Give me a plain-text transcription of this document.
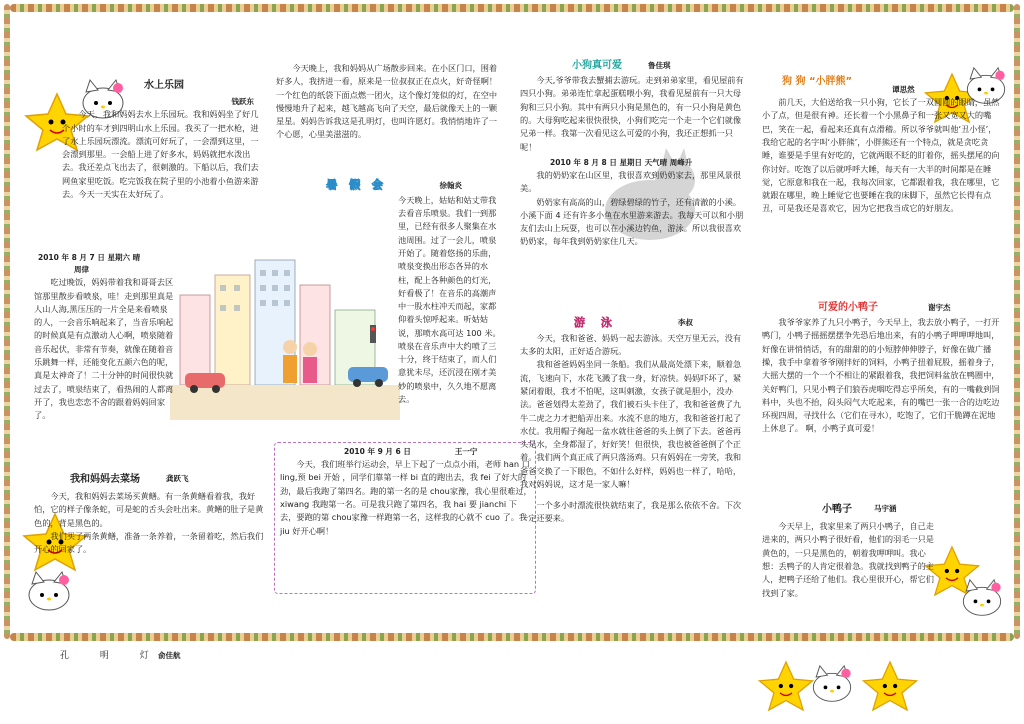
水上乐园
钱跃东

今天，我和妈妈去水上乐园玩。我和妈妈坐了好几个小时的车才到四明山水上乐园。我买了一把水枪，进了水上乐园玩漂流。漂流可好玩了，一会漂到这里，一会漂到那里。一会船上进了好多水，妈妈就把水泼出去。我还差点飞出去了，很刺激的。下船以后，我们去网鱼家里吃饭。吃完饭我在院子里的小池着小鱼游来游去。今天一天实在太好玩了。

2010 年 8 月 7 日 星期六 晴
周律

吃过晚饭，妈妈带着我和哥哥去区馆那里散步看喷泉，哇！走到那里真是人山人海,黑压压的一片全是来看喷泉的人，一会音乐响起来了，当音乐响起的时候真是有点激动人心啊，喷泉随着音乐起伏，非常有节奏，就像在随着音乐跳舞一样，还能变化五颜六色的呢，真是太神奇了！二十分钟的时间很快就过去了，喷泉结束了，看热闹的人都离开了，我也恋恋不舍的跟着妈妈回家了。

我和妈妈去菜场	龚跃飞

今天，我和妈妈去菜场买黄鳝。有一条黄鳝看着我，我好怕，它的样子像条蛇，可是蛇的舌头会吐出来。黄鳝的肚子是黄色的，背是黑色的。

我们买了两条黄鳝，准备一条养着，一条留着吃，然后我们开心的回家了。

今天晚上，我和妈妈从广场散步回来。在小区门口，围着好多人，我挤进一看，原来是一位叔叔正在点火，好奇怪啊！一个红色的纸袋下面点燃一团火，这个像灯笼似的灯，在空中慢慢地升了起来，越飞越高飞向了天空，最后就像天上的一颗星星。妈妈告诉我这是孔明灯，也叫许愿灯。我悄悄地许了一个心愿，心里美滋滋的。

暑 假 会	徐翰炎

今天晚上，姑姑和姑丈带我去看音乐喷泉。我们一到那里，已经有很多人聚集在水池周围。过了一会儿，喷泉开始了。随着悠扬的乐曲，喷泉变换出形态各异的水柱，配上各种颜色的灯光，好看极了！在音乐的高潮声中一股水柱冲天而起，家都仰着头惊呼起来。听姑姑说，那喷水高可达 100 米。喷泉在音乐声中大约喷了三十分，终于结束了，而人们意犹未尽，还沉浸在刚才美妙的喷泉中，久久地不愿离去。

2010 年 9 月 6 日	王一宁

今天，我们班举行运动会，早上下起了一点点小雨，老师 han 口 ling,预 bei 开始 ，同学们靠第一样 bi 直的跑出去，我 fei 了好大的劲，最后我跑了第四名。跑的第一名的是 chou家豫，我心里很难过，xiwang 我跑第一名。可是我只跑了第四名，我 hai 要 jianchi 下去，要跑的第 chou家豫一样跑第一名，这样我的心就不 cuo 了。我 jiu 好开心啊！

小狗真可爱	鲁佳琪

今天,爷爷带我去蟹捕去游玩。走到弟弟家里，看见屋前有四只小狗。弟弟连忙拿起蛋糕喂小狗，我看见屋前有一只大母狗和三只小狗。其中有两只小狗是黑色的，有一只小狗是黄色的。大母狗吃起来很快很快，小狗们吃完一个走一个它们就像兄弟一样。我第一次看见这么可爱的小狗，我还正想抓一只呢！

2010 年 8 月 8 日 星期日 天气晴 周峰升

我的奶奶家在山区里，我很喜欢到奶奶家去，那里风景很美。

奶奶家有高高的山，碧绿碧绿的竹子，还有清澈的小溪。小溪下面 4 还有许多小鱼在水里游来游去。我每天可以和小朋友们去山上玩耍，也可以在小溪边钓鱼，游泳。所以我很喜欢奶奶家，每年我到奶奶家住几天。

游 泳	李叔

今天，我和爸爸、妈妈一起去游泳。天空万里无云，没有太多的太阳，正好适合游玩。

我和爸爸妈妈坐同一条船。我们从最高处漂下来，顺着急流，飞速向下，水花飞溅了我一身，好凉快。妈妈吓坏了，紧紧闭着眼，我才不怕呢，这叫刺激，女孩子就是胆小，没办法。爸爸划得太差劲了，我们被石头卡住了，我和爸爸费了九牛二虎之力才把船弄出来。水流不息的地方，我和爸爸打起了水仗。我用帽子掬起一盆水就往爸爸的头上倒了下去。爸爸再头是水，全身都湿了，好好笑！但很快，我也被爸爸倒了个正着。我们两个真正成了两只落汤鸡。只有妈妈在一旁笑，我和爸爸交换了一下眼色，不如什么好样，妈妈也一样了，哈哈，我对妈妈说，这才是一家人嘛！

一个多小时漂流很快就结束了，我是那么依依不舍。下次一定还要来。

狗 狗 “小胖熊”
谭思然

前几天，大伯送给我一只小狗，它长了一双圆圆的眼睛，虽然小了点，但是很有神。还长着一个小黑鼻子和一张又宽又大的嘴巴，笑在一起，看起来还真有点滑稽。所以爷爷就叫他‘丑小怪’，我给它起的名字叫‘小胖熊’，小胖熊还有一个特点，就是贪吃贪睡，谁要是手里有好吃的，它就两眼不眨的盯着你，摇头摆尾的向你讨好。吃饱了以后就呼呼大睡，每天有一大半的时间都是在睡觉，它原意和我在一起，我每次回家，它都跟着我，我在哪里，它就跟在哪里，晚上睡觉它也要睡在我的床脚下，虽然它长得有点丑，可是我还是喜欢它，因为它把我当成它的好朋友。

可爱的小鸭子	谢宇杰

我爷爷家养了九只小鸭子，今天早上，我去放小鸭子，一打开鸭门，小鸭子摇摇摆摆争先恐后地出来，有的小鸭子呷呷呷地叫，好像在讲悄悄话，有的甜甜的的小短脖伸伸脖子，好像在做广播操，我手中拿着爷爷刚拌好的饲料，小鸭子扭着屁股，摇着身子，大摇大摆的一个一个不相让的紧跟着我，我把饲料盆放在鸭圈中，关好鸭门，只见小鸭子们狼吞虎咽吃得忘乎所矣，有的一嘴截到饲料中，头也不抬，闷头闷气大吃起来，有的嘴巴一张一合的边吃边环视四周，寻找什么（它们在寻水），吃饱了，它们干脆蹲在泥地上休息了。 啊，小鸭子真可爱！

小鸭子	马宇涵

今天早上，我家里来了两只小鸭子，自己走进来的，两只小鸭子很好看，他们的羽毛一只是黄色的，一只是黑色的，朝着我呷呷叫。我心想：丢鸭子的人肯定很着急。我就找到鸭子的主人，把鸭子还给了他们。我心里很开心，帮它们找到了家。

孔 明 灯
俞佳航
